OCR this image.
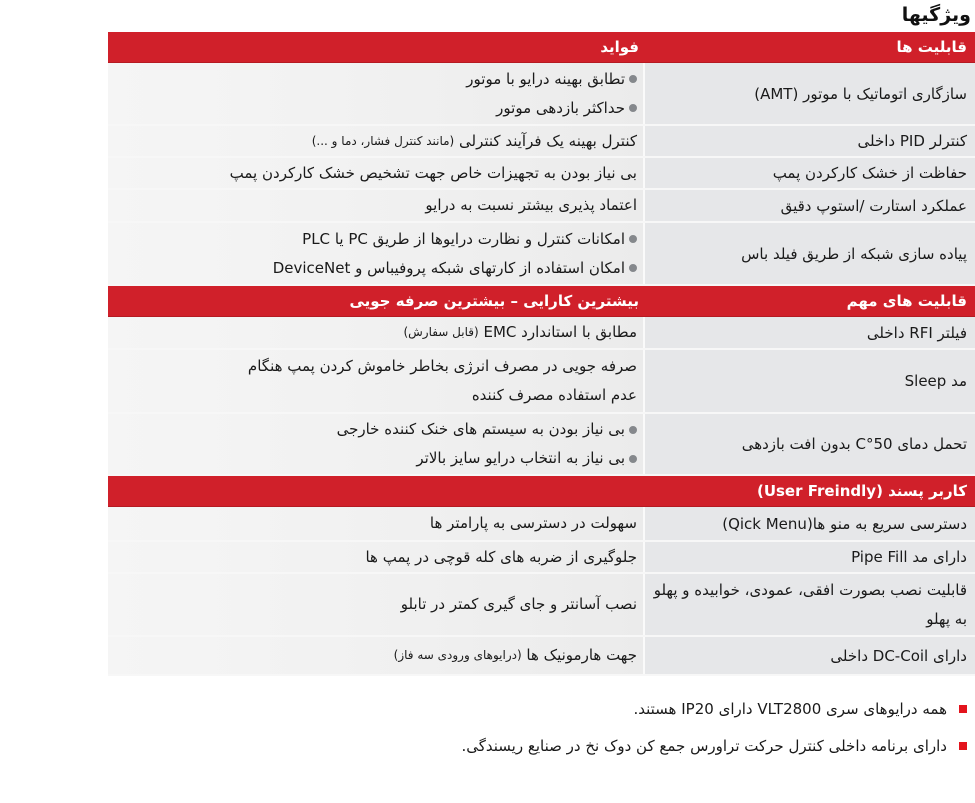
ویژگیها
قابلیت ها
فواید
سازگاری اتوماتیک با موتور (AMT)
تطابق بهینه درایو با موتور
حداکثر بازدهی موتور
کنترلر PID داخلی
کنترل بهینه یک فرآیند کنترلی

(مانند کنترل فشار، دما و ...)
حفاظت از خشک کارکردن پمپ
بی نیاز بودن به تجهیزات خاص جهت تشخیص خشک کارکردن پمپ
عملکرد استارت /استوپ دقیق
اعتماد پذیری بیشتر نسبت به درایو
پیاده سازی شبکه از طریق فیلد باس
امکانات کنترل و نظارت درایوها از طریق PC یا PLC
امکان استفاده از کارتهای شبکه پروفیباس و DeviceNet
قابلیت های مهم
بیشترین کارایی – بیشترین صرفه جویی
فیلتر RFI داخلی
مطابق با استاندارد EMC

(قابل سفارش)
مد Sleep
صرفه جویی در مصرف انرژی بخاطر خاموش کردن پمپ هنگام
عدم استفاده مصرف کننده
تحمل دمای 50°C بدون افت بازدهی
بی نیاز بودن به سیستم های خنک کننده خارجی
بی نیاز به انتخاب درایو سایز بالاتر
کاربر پسند (User Freindly)
دسترسی سریع به منو ها(Qick Menu)
سهولت در دسترسی به پارامتر ها
دارای مد Pipe Fill
جلوگیری از ضربه های کله قوچی در پمپ ها
قابلیت نصب بصورت افقی، عمودی، خوابیده و پهلو به پهلو
نصب آسانتر و جای گیری کمتر در تابلو
دارای DC-Coil داخلی
جهت هارمونیک ها

(درایوهای ورودی سه فاز)
همه درایوهای سری VLT2800 دارای IP20 هستند.
دارای برنامه داخلی کنترل حرکت تراورس جمع کن دوک نخ در صنایع ریسندگی.
